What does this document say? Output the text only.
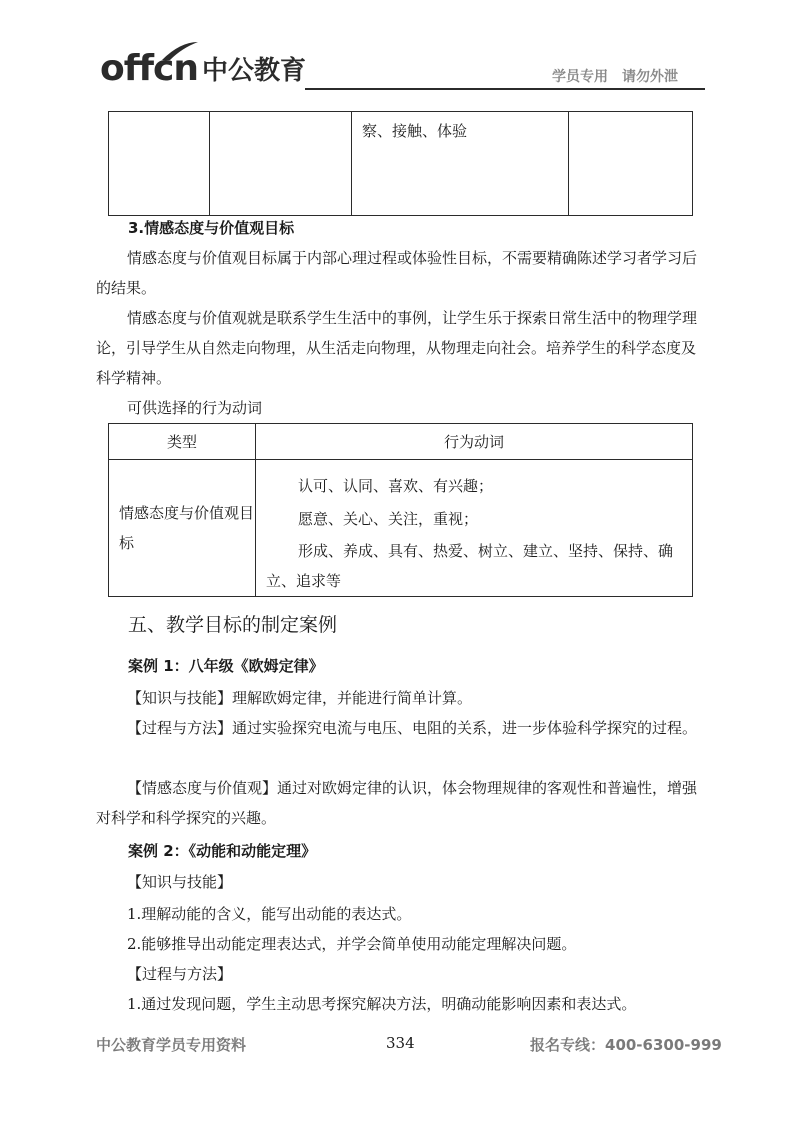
offcn 中公教育	学员专用 请勿外泄
		察、接触、体验	
3.情感态度与价值观目标

情感态度与价值观目标属于内部心理过程或体验性目标，不需要精确陈述学习者学习后的结果。

情感态度与价值观就是联系学生生活中的事例，让学生乐于探索日常生活中的物理学理论，引导学生从自然走向物理，从生活走向物理，从物理走向社会。培养学生的科学态度及科学精神。

可供选择的行为动词
类型	行为动词
情感态度与价值观目标	认可、认同、喜欢、有兴趣；
愿意、关心、关注，重视；
形成、养成、具有、热爱、树立、建立、坚持、保持、确立、追求等
五、教学目标的制定案例
案例 1：八年级《欧姆定律》

【知识与技能】理解欧姆定律，并能进行简单计算。

【过程与方法】通过实验探究电流与电压、电阻的关系，进一步体验科学探究的过程。

【情感态度与价值观】通过对欧姆定律的认识，体会物理规律的客观性和普遍性，增强对科学和科学探究的兴趣。

案例 2：《动能和动能定理》

【知识与技能】

1.理解动能的含义，能写出动能的表达式。

2.能够推导出动能定理表达式，并学会简单使用动能定理解决问题。

【过程与方法】

1.通过发现问题，学生主动思考探究解决方法，明确动能影响因素和表达式。

中公教育学员专用资料	334	报名专线：400-6300-999
